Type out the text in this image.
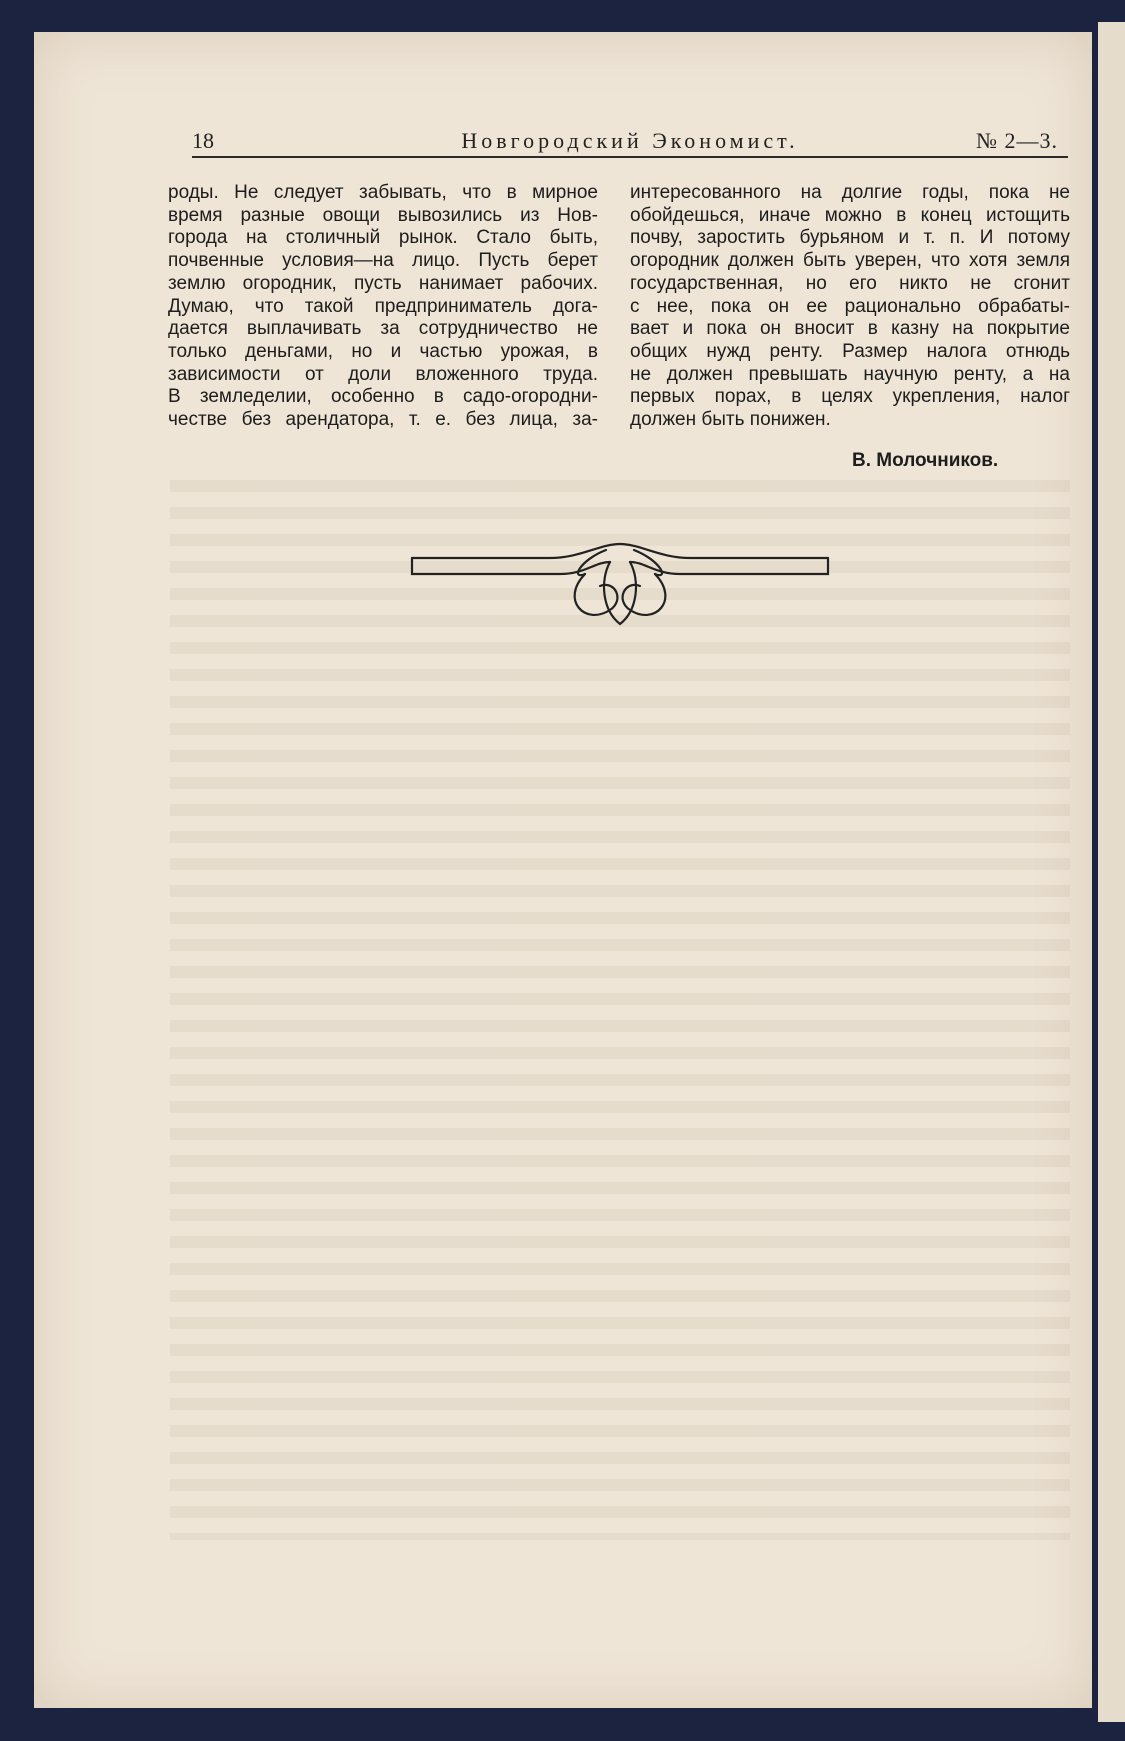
18	Новгородский Экономист.	№ 2—3.
роды. Не следует забывать, что в мирное
время разные овощи вывозились из Нов-
города на столичный рынок. Стало быть,
почвенные условия—на лицо. Пусть берет
землю огородник, пусть нанимает рабочих.
Думаю, что такой предприниматель дога-
дается выплачивать за сотрудничество не
только деньгами, но и частью урожая, в
зависимости от доли вложенного труда.
В земледелии, особенно в садо-огородни-
честве без арендатора, т. е. без лица, за-
интересованного на долгие годы, пока не
обойдешься, иначе можно в конец истощить
почву, заростить бурьяном и т. п. И потому
огородник должен быть уверен, что хотя земля
государственная, но его никто не сгонит
с нее, пока он ее рационально обрабаты-
вает и пока он вносит в казну на покрытие
общих нужд ренту. Размер налога отнюдь
не должен превышать научную ренту, а на
первых порах, в целях укрепления, налог
должен быть понижен.
В. Молочников.
